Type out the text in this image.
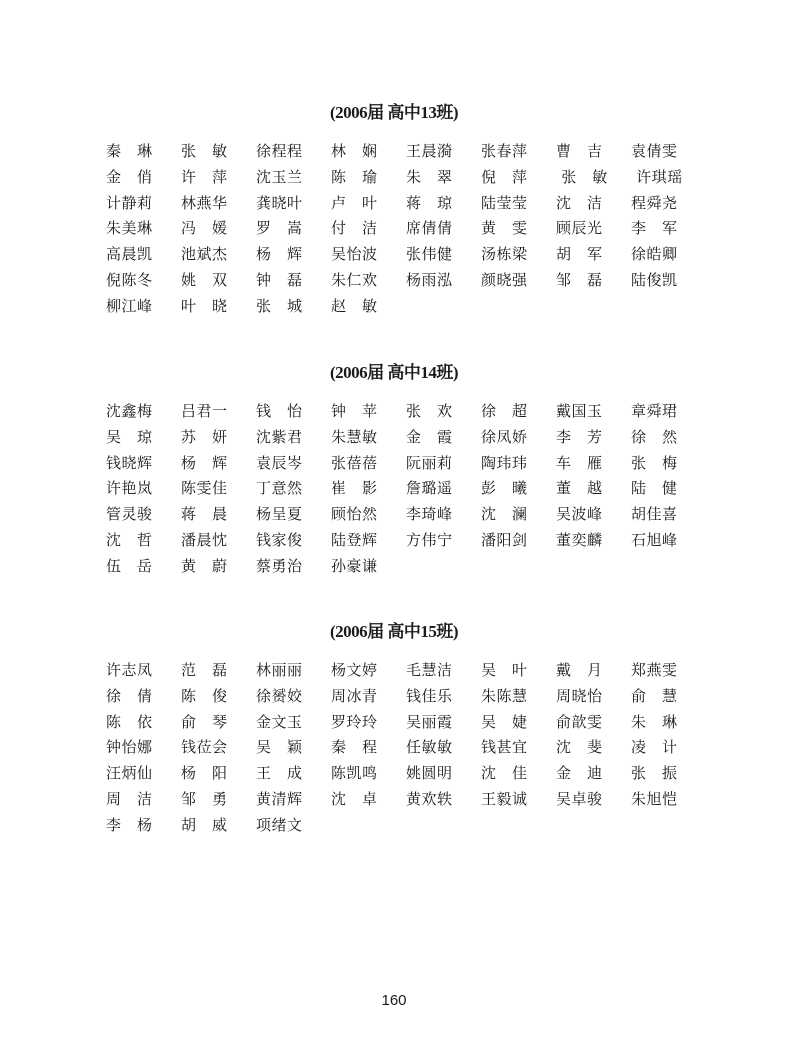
(2006届 高中13班)
秦　琳	张　敏	徐程程	林　娴	王晨漪	张春萍	曹　吉	袁倩雯
金　俏	许　萍	沈玉兰	陈　瑜	朱　翠	倪　萍	张　敏	许琪瑶
计静莉	林燕华	龚晓叶	卢　叶	蒋　琼	陆莹莹	沈　洁	程舜尧
朱美琳	冯　媛	罗　嵩	付　洁	席倩倩	黄　雯	顾辰光	李　军
高晨凯	池斌杰	杨　辉	吴怡波	张伟健	汤栋梁	胡　军	徐皓卿
倪陈冬	姚　双	钟　磊	朱仁欢	杨雨泓	颜晓强	邹　磊	陆俊凯
柳江峰	叶　晓	张　城	赵　敏
(2006届 高中14班)
沈鑫梅	吕君一	钱　怡	钟　苹	张　欢	徐　超	戴国玉	章舜珺
吴　琼	苏　妍	沈紫君	朱慧敏	金　霞	徐凤娇	李　芳	徐　然
钱晓辉	杨　辉	袁辰岑	张蓓蓓	阮丽莉	陶玮玮	车　雁	张　梅
许艳岚	陈雯佳	丁意然	崔　影	詹璐遥	彭　曦	董　越	陆　健
管灵骏	蒋　晨	杨呈夏	顾怡然	李琦峰	沈　澜	吴波峰	胡佳喜
沈　哲	潘晨忱	钱家俊	陆登辉	方伟宁	潘阳剑	董奕麟	石旭峰
伍　岳	黄　蔚	蔡勇治	孙豪谦
(2006届 高中15班)
许志凤	范　磊	林丽丽	杨文婷	毛慧洁	吴　叶	戴　月	郑燕雯
徐　倩	陈　俊	徐赟姣	周冰青	钱佳乐	朱陈慧	周晓怡	俞　慧
陈　依	俞　琴	金文玉	罗玲玲	吴丽霞	吴　婕	俞歆雯	朱　琳
钟怡娜	钱莅会	吴　颖	秦　程	任敏敏	钱甚宜	沈　斐	凌　计
汪炳仙	杨　阳	王　成	陈凯鸣	姚圆明	沈　佳	金　迪	张　振
周　洁	邹　勇	黄清辉	沈　卓	黄欢轶	王毅诚	吴卓骏	朱旭恺
李　杨	胡　威	项绪文
160
